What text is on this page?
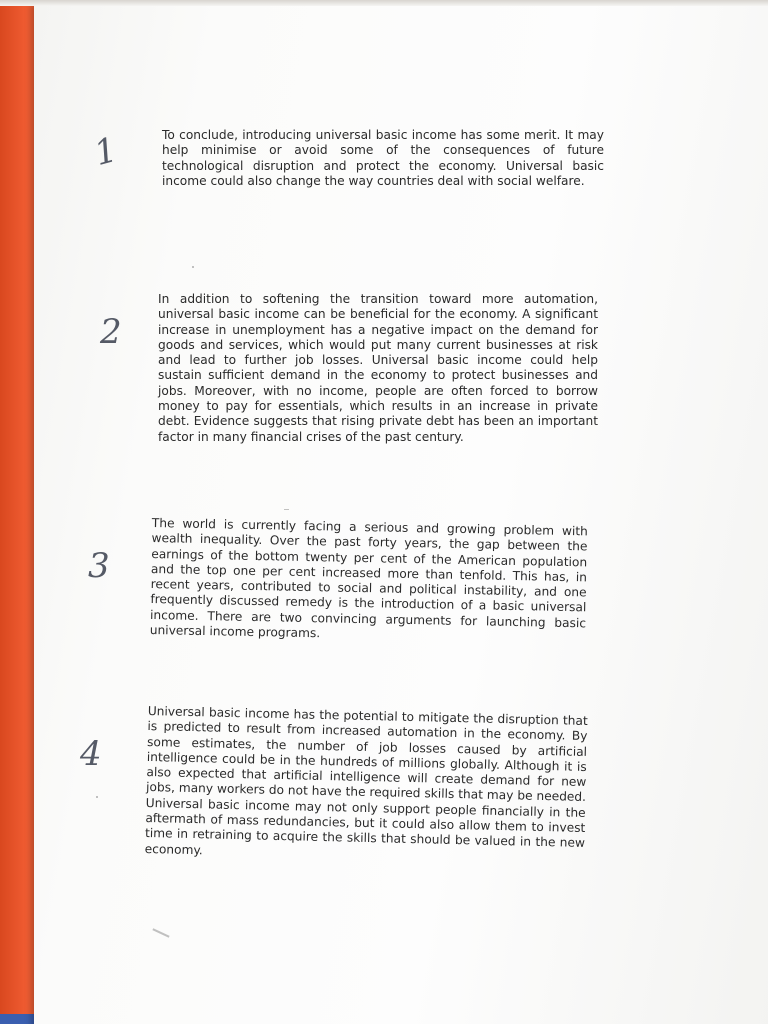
1	To conclude, introducing universal basic income has some merit. It may help minimise or avoid some of the consequences of future technological disruption and protect the economy. Universal basic income could also change the way countries deal with social welfare.

2

In addition to softening the transition toward more automation, universal basic income can be beneficial for the economy. A significant increase in unemployment has a negative impact on the demand for goods and services, which would put many current businesses at risk and lead to further job losses. Universal basic income could help sustain sufficient demand in the economy to protect businesses and jobs. Moreover, with no income, people are often forced to borrow money to pay for essentials, which results in an increase in private debt. Evidence suggests that rising private debt has been an important factor in many financial crises of the past century.

3

The world is currently facing a serious and growing problem with wealth inequality. Over the past forty years, the gap between the earnings of the bottom twenty per cent of the American population and the top one per cent increased more than tenfold. This has, in recent years, contributed to social and political instability, and one frequently discussed remedy is the introduction of a basic universal income. There are two convincing arguments for launching basic universal income programs.

4

Universal basic income has the potential to mitigate the disruption that is predicted to result from increased automation in the economy. By some estimates, the number of job losses caused by artificial intelligence could be in the hundreds of millions globally. Although it is also expected that artificial intelligence will create demand for new jobs, many workers do not have the required skills that may be needed. Universal basic income may not only support people financially in the aftermath of mass redundancies, but it could also allow them to invest time in retraining to acquire the skills that should be valued in the new economy.
